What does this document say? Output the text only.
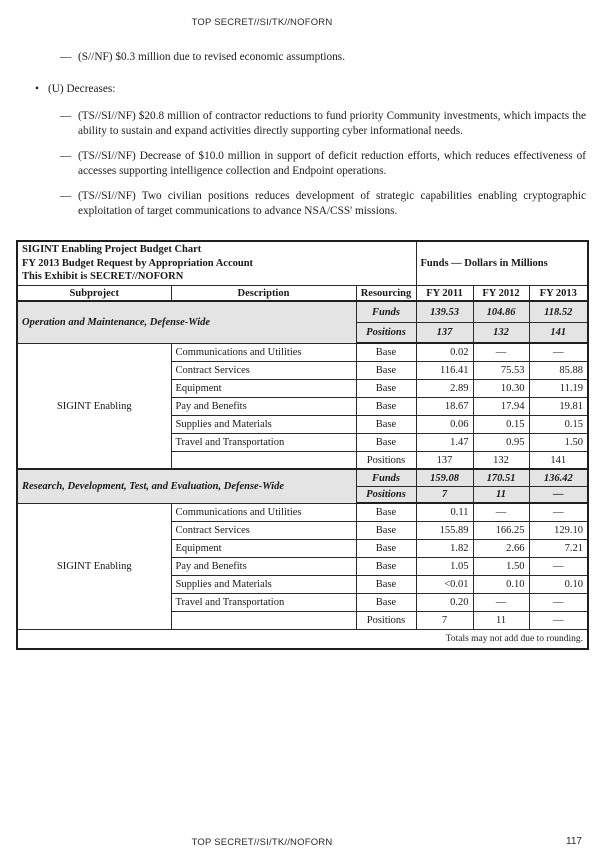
TOP SECRET//SI/TK//NOFORN
— (S//NF) $0.3 million due to revised economic assumptions.
• (U) Decreases:
— (TS//SI//NF) $20.8 million of contractor reductions to fund priority Community investments, which impacts the ability to sustain and expand activities directly supporting cyber informational needs.
— (TS//SI//NF) Decrease of $10.0 million in support of deficit reduction efforts, which reduces effectiveness of accesses supporting intelligence collection and Endpoint operations.
— (TS//SI//NF) Two civilian positions reduces development of strategic capabilities enabling cryptographic exploitation of target communications to advance NSA/CSS' missions.
SIGINT Enabling Project Budget Chart
FY 2013 Budget Request by Appropriation Account
This Exhibit is SECRET//NOFORN			Funds — Dollars in Millions		
Subproject	Description	Resourcing	FY 2011	FY 2012	FY 2013
Operation and Maintenance, Defense-Wide		Funds	139.53	104.86	118.52
		Positions	137	132	141
SIGINT Enabling	Communications and Utilities	Base	0.02	—	—
	Contract Services	Base	116.41	75.53	85.88
	Equipment	Base	2.89	10.30	11.19
	Pay and Benefits	Base	18.67	17.94	19.81
	Supplies and Materials	Base	0.06	0.15	0.15
	Travel and Transportation	Base	1.47	0.95	1.50
		Positions	137	132	141
Research, Development, Test, and Evaluation, Defense-Wide		Funds	159.08	170.51	136.42
		Positions	7	11	—
SIGINT Enabling	Communications and Utilities	Base	0.11	—	—
	Contract Services	Base	155.89	166.25	129.10
	Equipment	Base	1.82	2.66	7.21
	Pay and Benefits	Base	1.05	1.50	—
	Supplies and Materials	Base	<0.01	0.10	0.10
	Travel and Transportation	Base	0.20	—	—
		Positions	7	11	—
Totals may not add due to rounding.					
TOP SECRET//SI/TK//NOFORN	117
